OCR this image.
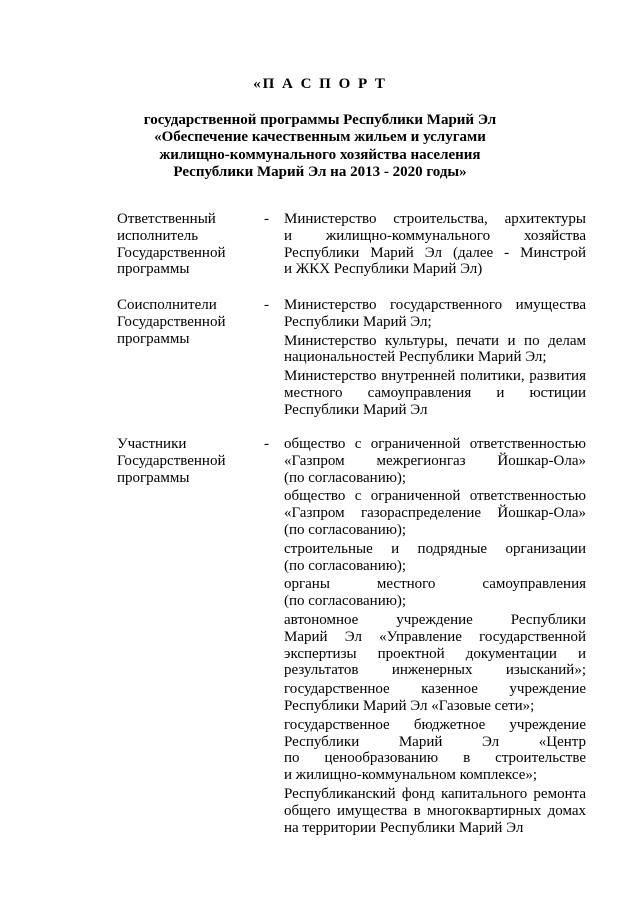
«П А С П О Р Т
государственной программы Республики Марий Эл
«Обеспечение качественным жильем и услугами
жилищно-коммунального хозяйства населения
Республики Марий Эл на 2013 - 2020 годы»
Ответственный
исполнитель
Государственной
программы
-	Министерство строительства, архитектуры
и жилищно-коммунального хозяйства
Республики Марий Эл (далее - Минстрой
и ЖКХ Республики Марий Эл)

Соисполнители
Государственной
программы
-	Министерство государственного имущества
Республики Марий Эл;

Министерство культуры, печати и по делам
национальностей Республики Марий Эл;

Министерство внутренней политики, развития
местного самоуправления и юстиции
Республики Марий Эл

Участники
Государственной
программы
-	общество с ограниченной ответственностью
«Газпром межрегионгаз Йошкар-Ола»
(по согласованию);

общество с ограниченной ответственностью
«Газпром газораспределение Йошкар-Ола»
(по согласованию);

строительные и подрядные организации
(по согласованию);

органы местного самоуправления
(по согласованию);

автономное учреждение Республики
Марий Эл «Управление государственной
экспертизы проектной документации и
результатов инженерных изысканий»;

государственное казенное учреждение
Республики Марий Эл «Газовые сети»;

государственное бюджетное учреждение
Республики Марий Эл «Центр
по ценообразованию в строительстве
и жилищно-коммунальном комплексе»;

Республиканский фонд капитального ремонта
общего имущества в многоквартирных домах
на территории Республики Марий Эл
